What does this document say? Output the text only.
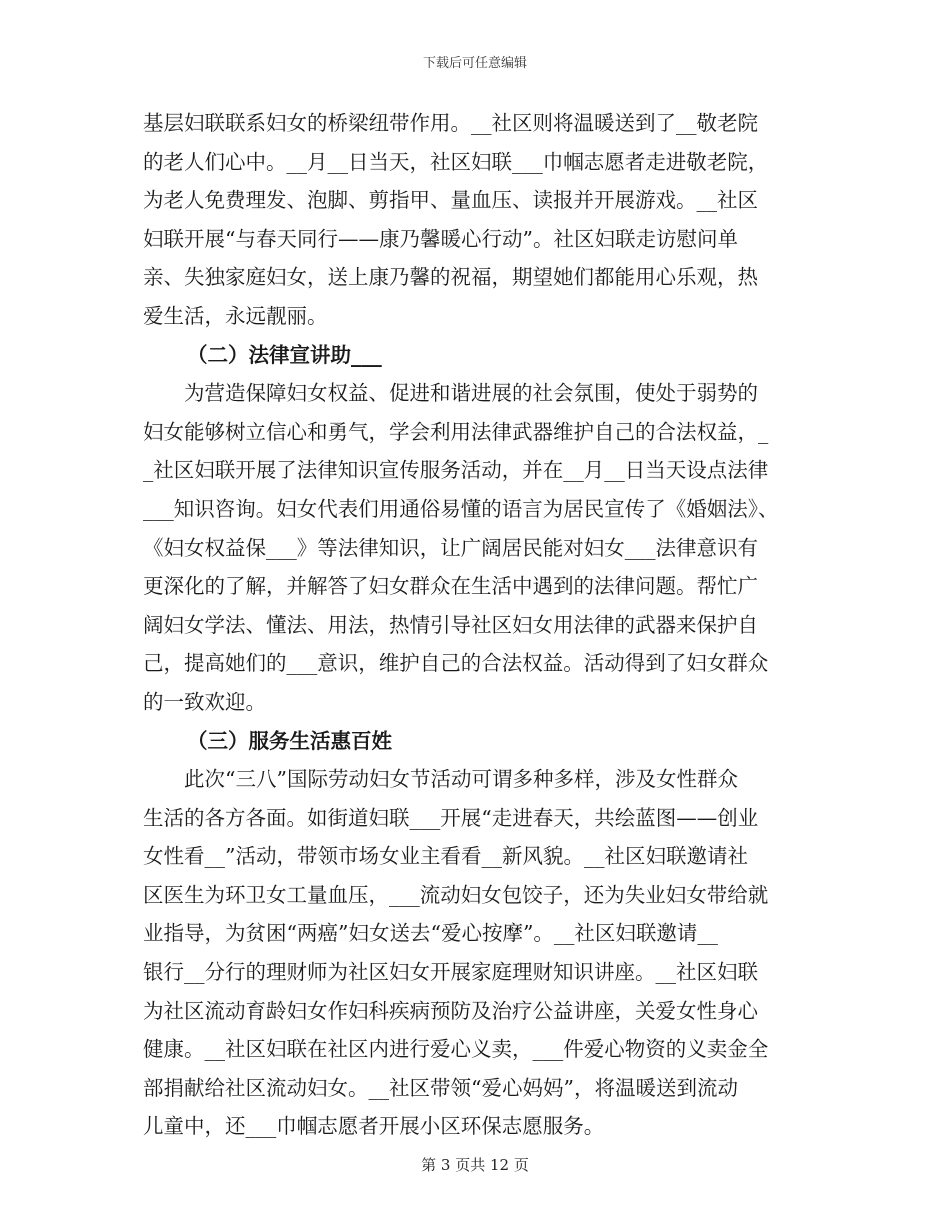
下载后可任意编辑
基层妇联联系妇女的桥梁纽带作用。__社区则将温暖送到了__敬老院
的老人们心中。__月__日当天，社区妇联___巾帼志愿者走进敬老院，
为老人免费理发、泡脚、剪指甲、量血压、读报并开展游戏。__社区
妇联开展“与春天同行——康乃馨暖心行动”。社区妇联走访慰问单
亲、失独家庭妇女，送上康乃馨的祝福，期望她们都能用心乐观，热
爱生活，永远靓丽。
（二）法律宣讲助___
为营造保障妇女权益、促进和谐进展的社会氛围，使处于弱势的
妇女能够树立信心和勇气，学会利用法律武器维护自己的合法权益，_
_社区妇联开展了法律知识宣传服务活动，并在__月__日当天设点法律
___知识咨询。妇女代表们用通俗易懂的语言为居民宣传了《婚姻法》、
《妇女权益保___》等法律知识，让广阔居民能对妇女___法律意识有
更深化的了解，并解答了妇女群众在生活中遇到的法律问题。帮忙广
阔妇女学法、懂法、用法，热情引导社区妇女用法律的武器来保护自
己，提高她们的___意识，维护自己的合法权益。活动得到了妇女群众
的一致欢迎。
（三）服务生活惠百姓
此次“三八”国际劳动妇女节活动可谓多种多样，涉及女性群众
生活的各方各面。如街道妇联___开展“走进春天，共绘蓝图——创业
女性看__”活动，带领市场女业主看看__新风貌。__社区妇联邀请社
区医生为环卫女工量血压，___流动妇女包饺子，还为失业妇女带给就
业指导，为贫困“两癌”妇女送去“爱心按摩”。__社区妇联邀请__
银行__分行的理财师为社区妇女开展家庭理财知识讲座。__社区妇联
为社区流动育龄妇女作妇科疾病预防及治疗公益讲座，关爱女性身心
健康。__社区妇联在社区内进行爱心义卖，___件爱心物资的义卖金全
部捐献给社区流动妇女。__社区带领“爱心妈妈”，将温暖送到流动
儿童中，还___巾帼志愿者开展小区环保志愿服务。
第 3 页共 12 页
